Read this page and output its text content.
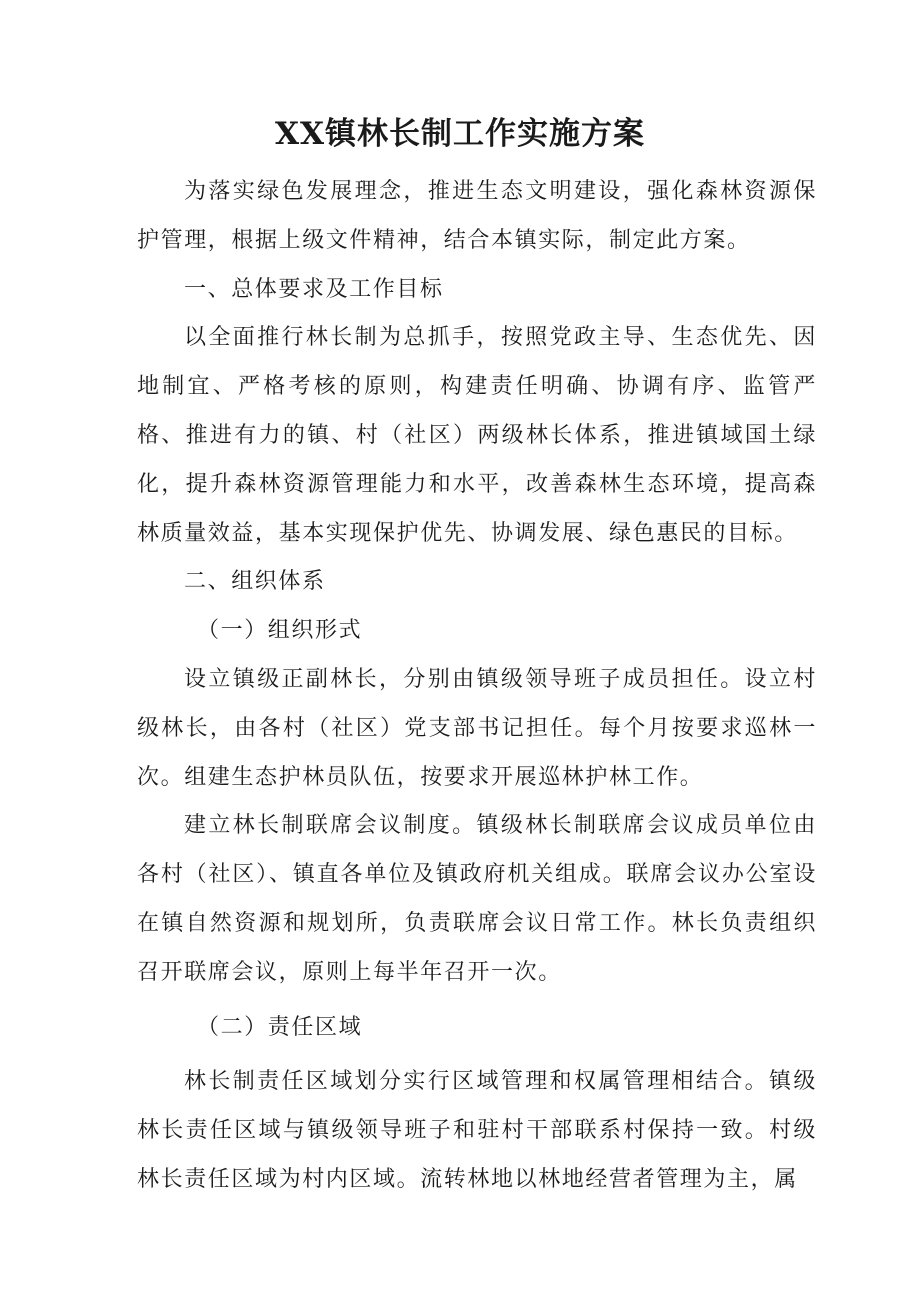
XX镇林长制工作实施方案

为落实绿色发展理念，推进生态文明建设，强化森林资源保护管理，根据上级文件精神，结合本镇实际，制定此方案。

一、总体要求及工作目标

以全面推行林长制为总抓手，按照党政主导、生态优先、因地制宜、严格考核的原则，构建责任明确、协调有序、监管严格、推进有力的镇、村（社区）两级林长体系，推进镇域国土绿化，提升森林资源管理能力和水平，改善森林生态环境，提高森林质量效益，基本实现保护优先、协调发展、绿色惠民的目标。

二、组织体系

（一）组织形式

设立镇级正副林长，分别由镇级领导班子成员担任。设立村级林长，由各村（社区）党支部书记担任。每个月按要求巡林一次。组建生态护林员队伍，按要求开展巡林护林工作。

建立林长制联席会议制度。镇级林长制联席会议成员单位由各村（社区）、镇直各单位及镇政府机关组成。联席会议办公室设在镇自然资源和规划所，负责联席会议日常工作。林长负责组织召开联席会议，原则上每半年召开一次。

（二）责任区域

林长制责任区域划分实行区域管理和权属管理相结合。镇级林长责任区域与镇级领导班子和驻村干部联系村保持一致。村级林长责任区域为村内区域。流转林地以林地经营者管理为主，属
